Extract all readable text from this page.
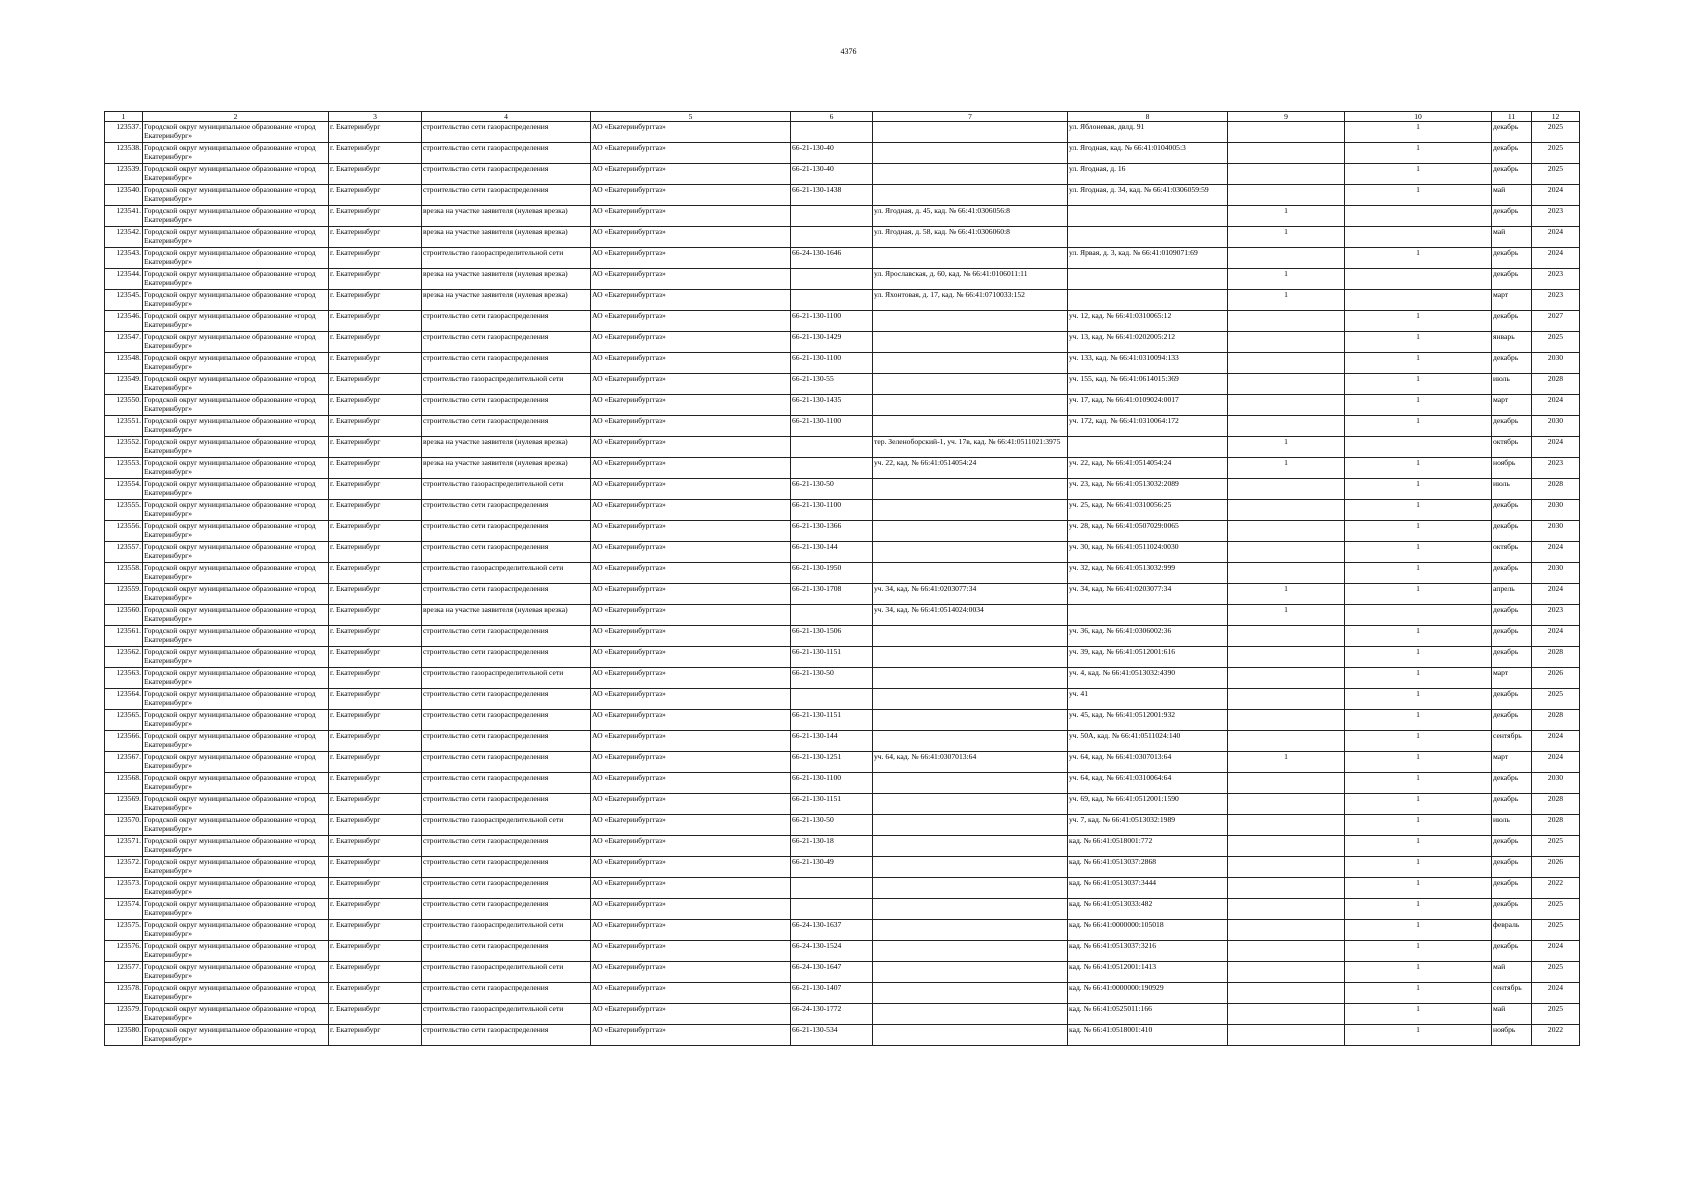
4376
1	2	3	4	5	6	7	8	9	10	11	12
123537.	Городской округ муниципальное образование «город Екатеринбург»	г. Екатеринбург	строительство сети газораспределения	АО «Екатеринбурггаз»			ул. Яблоневая, двлд. 91		1	декабрь	2025
123538.	Городской округ муниципальное образование «город Екатеринбург»	г. Екатеринбург	строительство сети газораспределения	АО «Екатеринбурггаз»	66-21-130-40		ул. Ягодная, кад. № 66:41:0104005:3		1	декабрь	2025
123539.	Городской округ муниципальное образование «город Екатеринбург»	г. Екатеринбург	строительство сети газораспределения	АО «Екатеринбурггаз»	66-21-130-40		ул. Ягодная, д. 16		1	декабрь	2025
123540.	Городской округ муниципальное образование «город Екатеринбург»	г. Екатеринбург	строительство сети газораспределения	АО «Екатеринбурггаз»	66-21-130-1438		ул. Ягодная, д. 34, кад. № 66:41:0306059:59		1	май	2024
123541.	Городской округ муниципальное образование «город Екатеринбург»	г. Екатеринбург	врезка на участке заявителя (нулевая врезка)	АО «Екатеринбурггаз»		ул. Ягодная, д. 45, кад. № 66:41:0306056:8		1		декабрь	2023
123542.	Городской округ муниципальное образование «город Екатеринбург»	г. Екатеринбург	врезка на участке заявителя (нулевая врезка)	АО «Екатеринбурггаз»		ул. Ягодная, д. 58, кад. № 66:41:0306060:8		1		май	2024
123543.	Городской округ муниципальное образование «город Екатеринбург»	г. Екатеринбург	строительство газораспределительной сети	АО «Екатеринбурггаз»	66-24-130-1646		ул. Ярвая, д. 3, кад. № 66:41:0109071:69		1	декабрь	2024
123544.	Городской округ муниципальное образование «город Екатеринбург»	г. Екатеринбург	врезка на участке заявителя (нулевая врезка)	АО «Екатеринбурггаз»		ул. Ярославская, д. 60, кад. № 66:41:0106011:11		1		декабрь	2023
123545.	Городской округ муниципальное образование «город Екатеринбург»	г. Екатеринбург	врезка на участке заявителя (нулевая врезка)	АО «Екатеринбурггаз»		ул. Яхонтовая, д. 17, кад. № 66:41:0710033:152		1		март	2023
123546.	Городской округ муниципальное образование «город Екатеринбург»	г. Екатеринбург	строительство сети газораспределения	АО «Екатеринбурггаз»	66-21-130-1100		уч. 12, кад. № 66:41:0310065:12		1	декабрь	2027
123547.	Городской округ муниципальное образование «город Екатеринбург»	г. Екатеринбург	строительство сети газораспределения	АО «Екатеринбурггаз»	66-21-130-1429		уч. 13, кад. № 66:41:0202005:212		1	январь	2025
123548.	Городской округ муниципальное образование «город Екатеринбург»	г. Екатеринбург	строительство сети газораспределения	АО «Екатеринбурггаз»	66-21-130-1100		уч. 133, кад. № 66:41:0310094:133		1	декабрь	2030
123549.	Городской округ муниципальное образование «город Екатеринбург»	г. Екатеринбург	строительство газораспределительной сети	АО «Екатеринбурггаз»	66-21-130-55		уч. 155, кад. № 66:41:0614015:369		1	июль	2028
123550.	Городской округ муниципальное образование «город Екатеринбург»	г. Екатеринбург	строительство сети газораспределения	АО «Екатеринбурггаз»	66-21-130-1435		уч. 17, кад. № 66:41:0109024:0017		1	март	2024
123551.	Городской округ муниципальное образование «город Екатеринбург»	г. Екатеринбург	строительство сети газораспределения	АО «Екатеринбурггаз»	66-21-130-1100		уч. 172, кад. № 66:41:0310064:172		1	декабрь	2030
123552.	Городской округ муниципальное образование «город Екатеринбург»	г. Екатеринбург	врезка на участке заявителя (нулевая врезка)	АО «Екатеринбурггаз»		тер. Зеленоборский-1, уч. 17в, кад. № 66:41:0511021:3975		1		октябрь	2024
123553.	Городской округ муниципальное образование «город Екатеринбург»	г. Екатеринбург	врезка на участке заявителя (нулевая врезка)	АО «Екатеринбурггаз»		уч. 22, кад. № 66:41:0514054:24	уч. 22, кад. № 66:41:0514054:24	1	1	ноябрь	2023
123554.	Городской округ муниципальное образование «город Екатеринбург»	г. Екатеринбург	строительство газораспределительной сети	АО «Екатеринбурггаз»	66-21-130-50		уч. 23, кад. № 66:41:0513032:2089		1	июль	2028
123555.	Городской округ муниципальное образование «город Екатеринбург»	г. Екатеринбург	строительство сети газораспределения	АО «Екатеринбурггаз»	66-21-130-1100		уч. 25, кад. № 66:41:0310056:25		1	декабрь	2030
123556.	Городской округ муниципальное образование «город Екатеринбург»	г. Екатеринбург	строительство сети газораспределения	АО «Екатеринбурггаз»	66-21-130-1366		уч. 28, кад. № 66:41:0507029:0065		1	декабрь	2030
123557.	Городской округ муниципальное образование «город Екатеринбург»	г. Екатеринбург	строительство сети газораспределения	АО «Екатеринбурггаз»	66-21-130-144		уч. 30, кад. № 66:41:0511024:0030		1	октябрь	2024
123558.	Городской округ муниципальное образование «город Екатеринбург»	г. Екатеринбург	строительство газораспределительной сети	АО «Екатеринбурггаз»	66-21-130-1950		уч. 32, кад. № 66:41:0513032:999		1	декабрь	2030
123559.	Городской округ муниципальное образование «город Екатеринбург»	г. Екатеринбург	строительство сети газораспределения	АО «Екатеринбурггаз»	66-21-130-1708	уч. 34, кад. № 66:41:0203077:34	уч. 34, кад. № 66:41:0203077:34	1	1	апрель	2024
123560.	Городской округ муниципальное образование «город Екатеринбург»	г. Екатеринбург	врезка на участке заявителя (нулевая врезка)	АО «Екатеринбурггаз»		уч. 34, кад. № 66:41:0514024:0034		1		декабрь	2023
123561.	Городской округ муниципальное образование «город Екатеринбург»	г. Екатеринбург	строительство сети газораспределения	АО «Екатеринбурггаз»	66-21-130-1506		уч. 36, кад. № 66:41:0306002:36		1	декабрь	2024
123562.	Городской округ муниципальное образование «город Екатеринбург»	г. Екатеринбург	строительство сети газораспределения	АО «Екатеринбурггаз»	66-21-130-1151		уч. 39, кад. № 66:41:0512001:616		1	декабрь	2028
123563.	Городской округ муниципальное образование «город Екатеринбург»	г. Екатеринбург	строительство газораспределительной сети	АО «Екатеринбурггаз»	66-21-130-50		уч. 4, кад. № 66:41:0513032:4390		1	март	2026
123564.	Городской округ муниципальное образование «город Екатеринбург»	г. Екатеринбург	строительство сети газораспределения	АО «Екатеринбурггаз»			уч. 41		1	декабрь	2025
123565.	Городской округ муниципальное образование «город Екатеринбург»	г. Екатеринбург	строительство сети газораспределения	АО «Екатеринбурггаз»	66-21-130-1151		уч. 45, кад. № 66:41:0512001:932		1	декабрь	2028
123566.	Городской округ муниципальное образование «город Екатеринбург»	г. Екатеринбург	строительство сети газораспределения	АО «Екатеринбурггаз»	66-21-130-144		уч. 50А, кад. № 66:41:0511024:140		1	сентябрь	2024
123567.	Городской округ муниципальное образование «город Екатеринбург»	г. Екатеринбург	строительство сети газораспределения	АО «Екатеринбурггаз»	66-21-130-1251	уч. 64, кад. № 66:41:0307013:64	уч. 64, кад. № 66:41:0307013:64	1	1	март	2024
123568.	Городской округ муниципальное образование «город Екатеринбург»	г. Екатеринбург	строительство сети газораспределения	АО «Екатеринбурггаз»	66-21-130-1100		уч. 64, кад. № 66:41:0310064:64		1	декабрь	2030
123569.	Городской округ муниципальное образование «город Екатеринбург»	г. Екатеринбург	строительство сети газораспределения	АО «Екатеринбурггаз»	66-21-130-1151		уч. 69, кад. № 66:41:0512001:1590		1	декабрь	2028
123570.	Городской округ муниципальное образование «город Екатеринбург»	г. Екатеринбург	строительство газораспределительной сети	АО «Екатеринбурггаз»	66-21-130-50		уч. 7, кад. № 66:41:0513032:1989		1	июль	2028
123571.	Городской округ муниципальное образование «город Екатеринбург»	г. Екатеринбург	строительство сети газораспределения	АО «Екатеринбурггаз»	66-21-130-18		кад. № 66:41:0518001:772		1	декабрь	2025
123572.	Городской округ муниципальное образование «город Екатеринбург»	г. Екатеринбург	строительство сети газораспределения	АО «Екатеринбурггаз»	66-21-130-49		кад. № 66:41:0513037:2868		1	декабрь	2026
123573.	Городской округ муниципальное образование «город Екатеринбург»	г. Екатеринбург	строительство сети газораспределения	АО «Екатеринбурггаз»			кад. № 66:41:0513037:3444		1	декабрь	2022
123574.	Городской округ муниципальное образование «город Екатеринбург»	г. Екатеринбург	строительство сети газораспределения	АО «Екатеринбурггаз»			кад. № 66:41:0513033:482		1	декабрь	2025
123575.	Городской округ муниципальное образование «город Екатеринбург»	г. Екатеринбург	строительство газораспределительной сети	АО «Екатеринбурггаз»	66-24-130-1637		кад. № 66:41:0000000:105018		1	февраль	2025
123576.	Городской округ муниципальное образование «город Екатеринбург»	г. Екатеринбург	строительство сети газораспределения	АО «Екатеринбурггаз»	66-24-130-1524		кад. № 66:41:0513037:3216		1	декабрь	2024
123577.	Городской округ муниципальное образование «город Екатеринбург»	г. Екатеринбург	строительство газораспределительной сети	АО «Екатеринбурггаз»	66-24-130-1647		кад. № 66:41:0512001:1413		1	май	2025
123578.	Городской округ муниципальное образование «город Екатеринбург»	г. Екатеринбург	строительство сети газораспределения	АО «Екатеринбурггаз»	66-21-130-1407		кад. № 66:41:0000000:190929		1	сентябрь	2024
123579.	Городской округ муниципальное образование «город Екатеринбург»	г. Екатеринбург	строительство газораспределительной сети	АО «Екатеринбурггаз»	66-24-130-1772		кад. № 66:41:0525011:166		1	май	2025
123580.	Городской округ муниципальное образование «город Екатеринбург»	г. Екатеринбург	строительство сети газораспределения	АО «Екатеринбурггаз»	66-21-130-534		кад. № 66:41:0518001:410		1	ноябрь	2022
